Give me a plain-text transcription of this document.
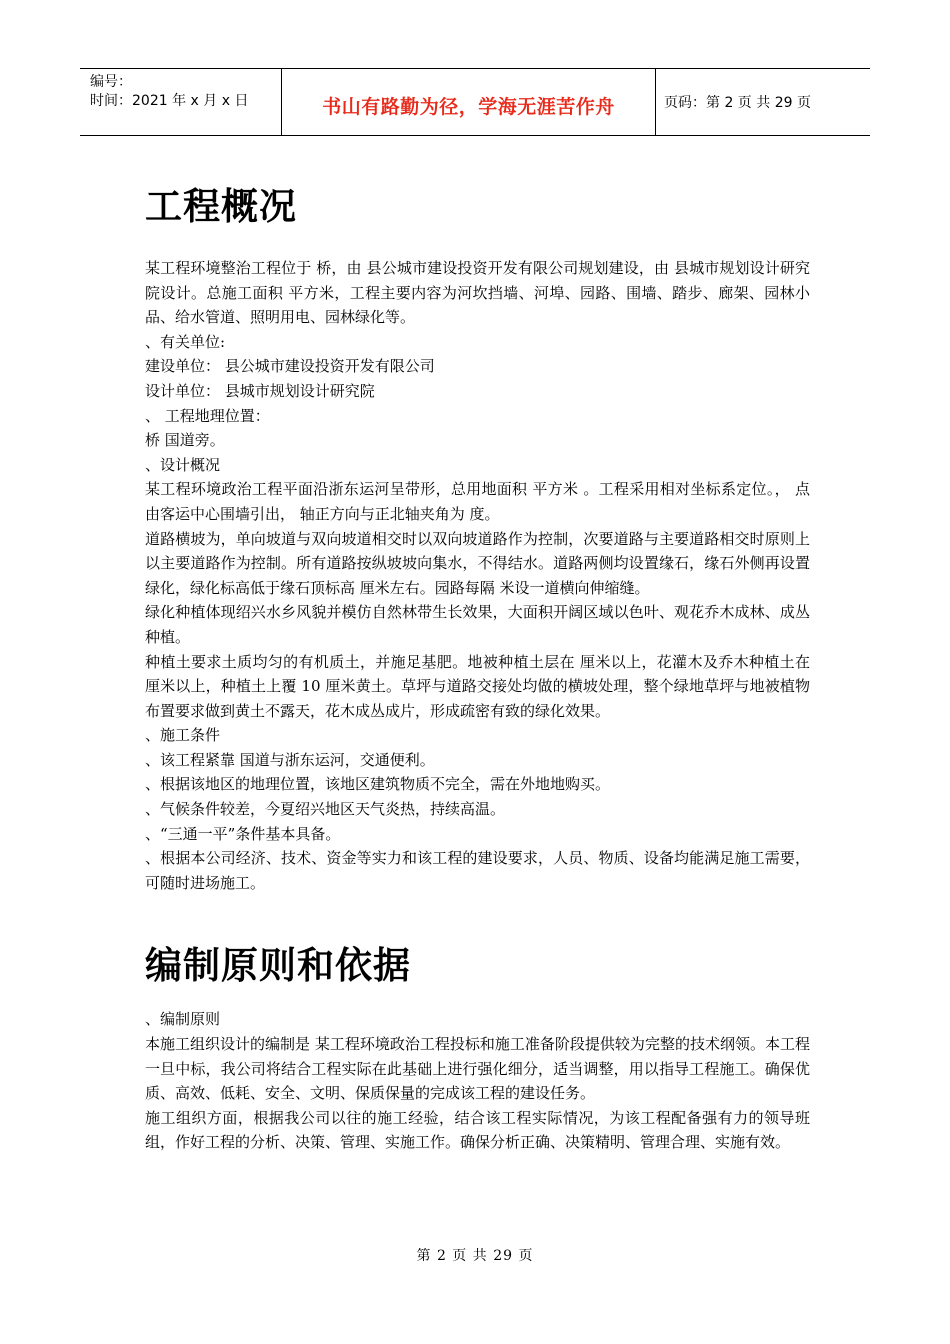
编号：
时间：2021 年 x 月 x 日	书山有路勤为径，学海无涯苦作舟	页码：第 2 页 共 29 页
工程概况

某工程环境整治工程位于 桥，由 县公城市建设投资开发有限公司规划建设，由 县城市规划设计研究院设计。总施工面积 平方米，工程主要内容为河坎挡墙、河埠、园路、围墙、踏步、廊架、园林小品、给水管道、照明用电、园林绿化等。

、有关单位:

建设单位： 县公城市建设投资开发有限公司

设计单位： 县城市规划设计研究院

、 工程地理位置：

桥 国道旁。

、设计概况

某工程环境政治工程平面沿浙东运河呈带形，总用地面积 平方米 。工程采用相对坐标系定位。， 点由客运中心围墙引出， 轴正方向与正北轴夹角为 度。

道路横坡为，单向坡道与双向坡道相交时以双向坡道路作为控制，次要道路与主要道路相交时原则上以主要道路作为控制。所有道路按纵坡坡向集水，不得结水。道路两侧均设置缘石，缘石外侧再设置绿化，绿化标高低于缘石顶标高 厘米左右。园路每隔 米设一道横向伸缩缝。

绿化种植体现绍兴水乡风貌并模仿自然林带生长效果，大面积开阔区域以色叶、观花乔木成林、成丛种植。

种植土要求土质均匀的有机质土，并施足基肥。地被种植土层在 厘米以上，花灌木及乔木种植土在 厘米以上，种植土上覆 10 厘米黄土。草坪与道路交接处均做的横坡处理，整个绿地草坪与地被植物布置要求做到黄土不露天，花木成丛成片，形成疏密有致的绿化效果。

、施工条件

、该工程紧靠 国道与浙东运河，交通便利。

、根据该地区的地理位置，该地区建筑物质不完全，需在外地地购买。

、气候条件较差，今夏绍兴地区天气炎热，持续高温。

、“三通一平”条件基本具备。

、根据本公司经济、技术、资金等实力和该工程的建设要求，人员、物质、设备均能满足施工需要，可随时进场施工。

编制原则和依据

、编制原则

本施工组织设计的编制是 某工程环境政治工程投标和施工准备阶段提供较为完整的技术纲领。本工程一旦中标，我公司将结合工程实际在此基础上进行强化细分，适当调整，用以指导工程施工。确保优质、高效、低耗、安全、文明、保质保量的完成该工程的建设任务。

施工组织方面，根据我公司以往的施工经验，结合该工程实际情况，为该工程配备强有力的领导班组，作好工程的分析、决策、管理、实施工作。确保分析正确、决策精明、管理合理、实施有效。

第 2 页 共 29 页
